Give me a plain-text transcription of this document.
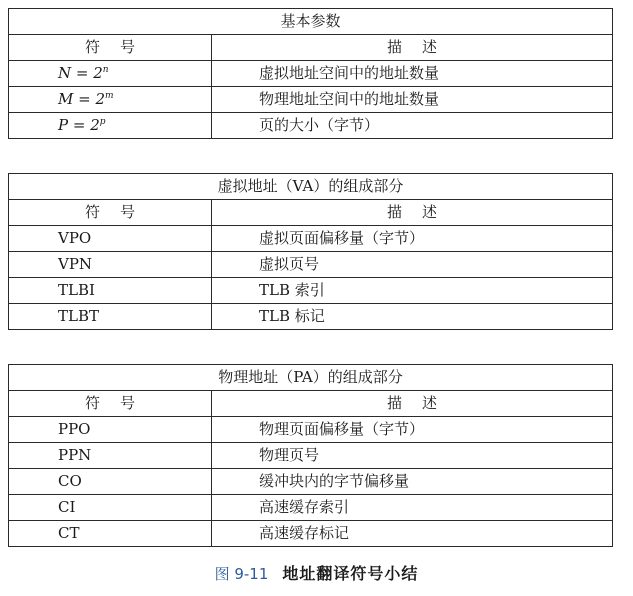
基本参数	
符号	描述
$N = 2^n$	虚拟地址空间中的地址数量
$M = 2^m$	物理地址空间中的地址数量
$P = 2^p$	页的大小（字节）
虚拟地址（VA）的组成部分	
符号	描述
VPO	虚拟页面偏移量（字节）
VPN	虚拟页号
TLBI	TLB 索引
TLBT	TLB 标记
物理地址（PA）的组成部分	
符号	描述
PPO	物理页面偏移量（字节）
PPN	物理页号
CO	缓冲块内的字节偏移量
CI	高速缓存索引
CT	高速缓存标记
图 9-11 地址翻译符号小结
